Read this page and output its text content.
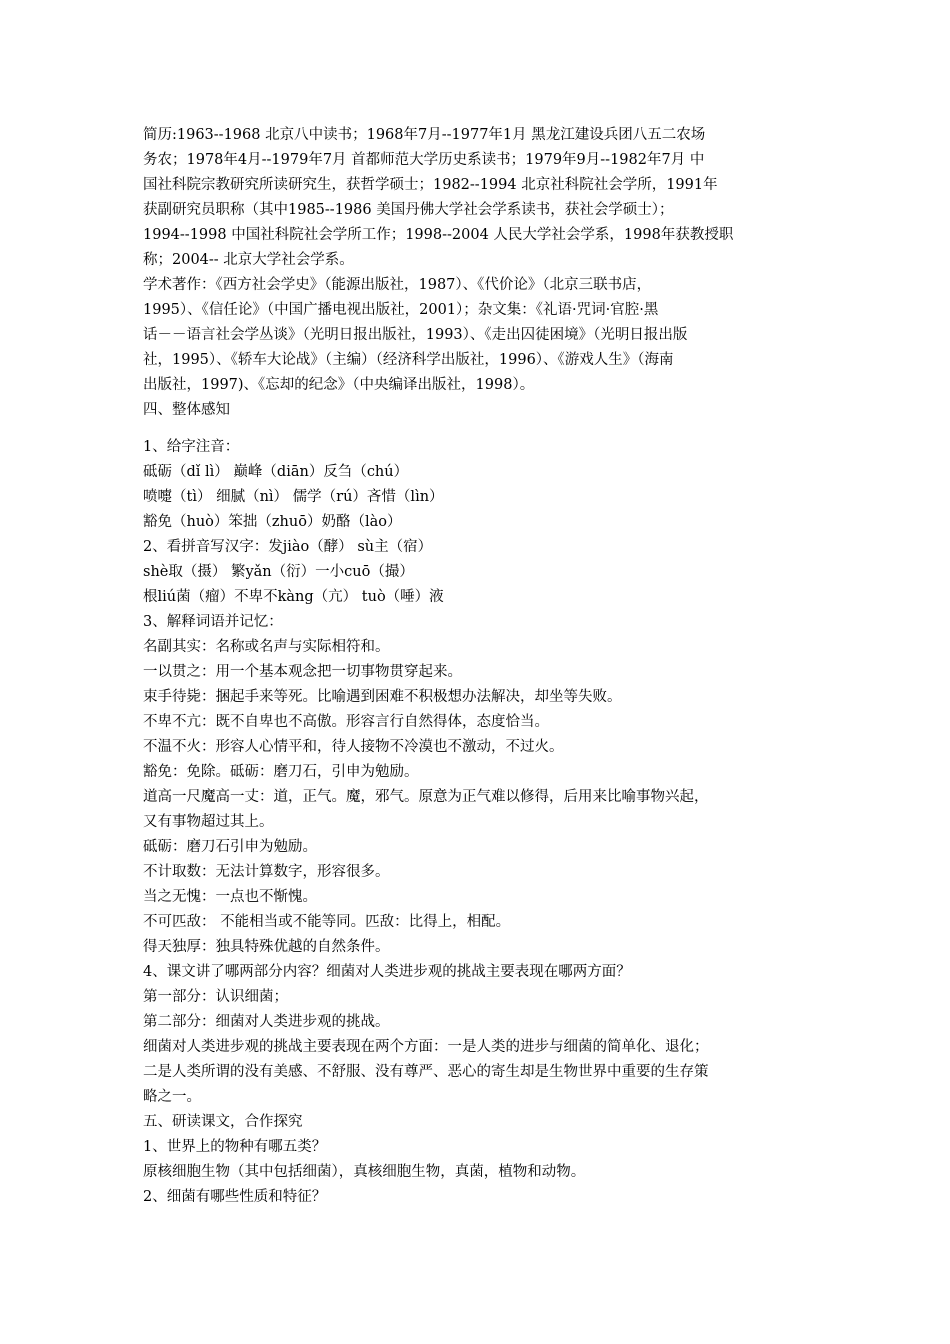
简历:1963--1968 北京八中读书；1968年7月--1977年1月 黑龙江建设兵团八五二农场
务农；1978年4月--1979年7月 首都师范大学历史系读书；1979年9月--1982年7月 中
国社科院宗教研究所读研究生，获哲学硕士；1982--1994 北京社科院社会学所，1991年
获副研究员职称（其中1985--1986 美国丹佛大学社会学系读书，获社会学硕士）；
1994--1998 中国社科院社会学所工作；1998--2004 人民大学社会学系，1998年获教授职
称；2004-- 北京大学社会学系。
学术著作：《西方社会学史》（能源出版社，1987）、《代价论》（北京三联书店，
1995）、《信任论》（中国广播电视出版社，2001）；杂文集：《礼语·咒词·官腔·黑
话－－语言社会学丛谈》（光明日报出版社，1993）、《走出囚徒困境》（光明日报出版
社，1995）、《轿车大论战》（主编）（经济科学出版社，1996）、《游戏人生》（海南
出版社，1997)、《忘却的纪念》（中央编译出版社，1998）。
四、整体感知
1、给字注音：
砥砺（dǐ lì） 巅峰（diān）反刍（chú）
喷嚏（tì） 细腻（nì） 儒学（rú）吝惜（lìn）
豁免（huò）笨拙（zhuō）奶酪（lào）
2、看拼音写汉字：发jiào（酵） sù主（宿）
shè取（摄） 繁yǎn（衍）一小cuō（撮）
根liú菌（瘤）不卑不kàng（亢） tuò（唾）液
3、解释词语并记忆：
名副其实：名称或名声与实际相符和。
一以贯之：用一个基本观念把一切事物贯穿起来。
束手待毙：捆起手来等死。比喻遇到困难不积极想办法解决，却坐等失败。
不卑不亢：既不自卑也不高傲。形容言行自然得体，态度恰当。
不温不火：形容人心情平和，待人接物不冷漠也不激动，不过火。
豁免：免除。砥砺：磨刀石，引申为勉励。
道高一尺魔高一丈：道，正气。魔，邪气。原意为正气难以修得，后用来比喻事物兴起，
又有事物超过其上。
砥砺：磨刀石引申为勉励。
不计取数：无法计算数字，形容很多。
当之无愧：一点也不惭愧。
不可匹敌： 不能相当或不能等同。匹敌：比得上，相配。
得天独厚：独具特殊优越的自然条件。
4、课文讲了哪两部分内容？细菌对人类进步观的挑战主要表现在哪两方面？
第一部分：认识细菌；
第二部分：细菌对人类进步观的挑战。
细菌对人类进步观的挑战主要表现在两个方面：一是人类的进步与细菌的简单化、退化；
二是人类所谓的没有美感、不舒服、没有尊严、恶心的寄生却是生物世界中重要的生存策
略之一。
五、研读课文，合作探究
1、世界上的物种有哪五类？
原核细胞生物（其中包括细菌），真核细胞生物，真菌，植物和动物。
2、细菌有哪些性质和特征？
